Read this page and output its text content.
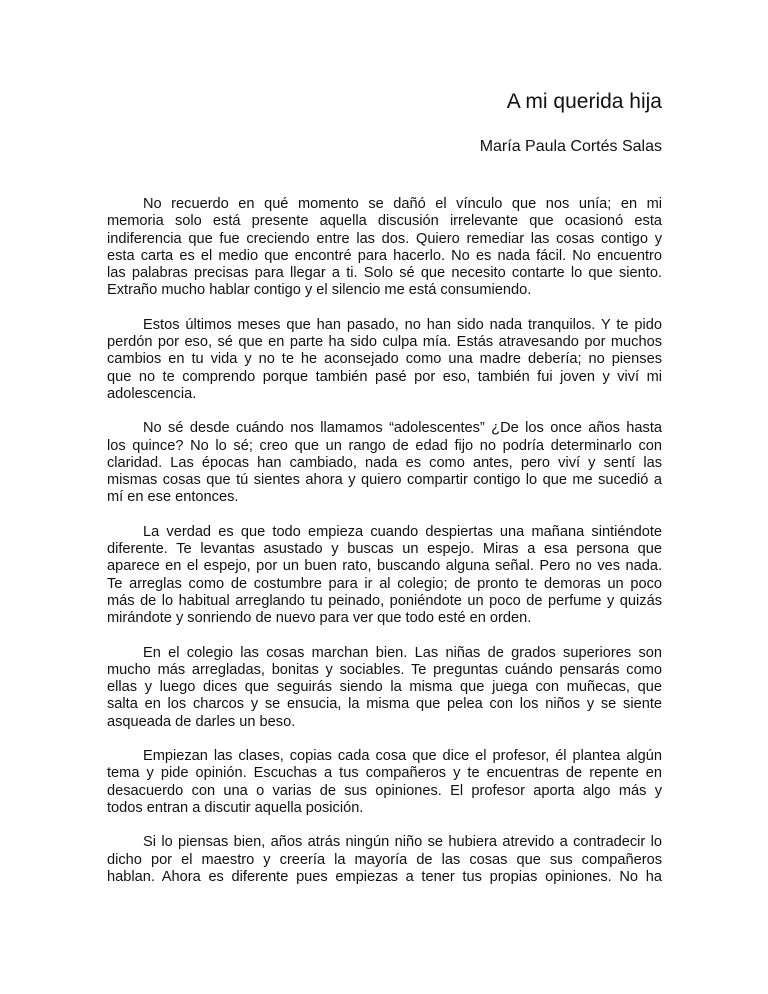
A mi querida hija
María Paula Cortés Salas
No recuerdo en qué momento se dañó el vínculo que nos unía; en mi
memoria solo está presente aquella discusión irrelevante que ocasionó esta
indiferencia que fue creciendo entre las dos. Quiero remediar las cosas contigo y
esta carta es el medio que encontré para hacerlo. No es nada fácil. No encuentro
las palabras precisas para llegar a ti. Solo sé que necesito contarte lo que siento.
Extraño mucho hablar contigo y el silencio me está consumiendo.
Estos últimos meses que han pasado, no han sido nada tranquilos. Y te pido
perdón por eso, sé que en parte ha sido culpa mía. Estás atravesando por muchos
cambios en tu vida y no te he aconsejado como una madre debería; no pienses
que no te comprendo porque también pasé por eso, también fui joven y viví mi
adolescencia.
No sé desde cuándo nos llamamos “adolescentes” ¿De los once años hasta
los quince? No lo sé; creo que un rango de edad fijo no podría determinarlo con
claridad. Las épocas han cambiado, nada es como antes, pero viví y sentí las
mismas cosas que tú sientes ahora y quiero compartir contigo lo que me sucedió a
mí en ese entonces.
La verdad es que todo empieza cuando despiertas una mañana sintiéndote
diferente. Te levantas asustado y buscas un espejo. Miras a esa persona que
aparece en el espejo, por un buen rato, buscando alguna señal. Pero no ves nada.
Te arreglas como de costumbre para ir al colegio; de pronto te demoras un poco
más de lo habitual arreglando tu peinado, poniéndote un poco de perfume y quizás
mirándote y sonriendo de nuevo para ver que todo esté en orden.
En el colegio las cosas marchan bien. Las niñas de grados superiores son
mucho más arregladas, bonitas y sociables. Te preguntas cuándo pensarás como
ellas y luego dices que seguirás siendo la misma que juega con muñecas, que
salta en los charcos y se ensucia, la misma que pelea con los niños y se siente
asqueada de darles un beso.
Empiezan las clases, copias cada cosa que dice el profesor, él plantea algún
tema y pide opinión. Escuchas a tus compañeros y te encuentras de repente en
desacuerdo con una o varias de sus opiniones. El profesor aporta algo más y
todos entran a discutir aquella posición.
Si lo piensas bien, años atrás ningún niño se hubiera atrevido a contradecir lo
dicho por el maestro y creería la mayoría de las cosas que sus compañeros
hablan. Ahora es diferente pues empiezas a tener tus propias opiniones. No ha
